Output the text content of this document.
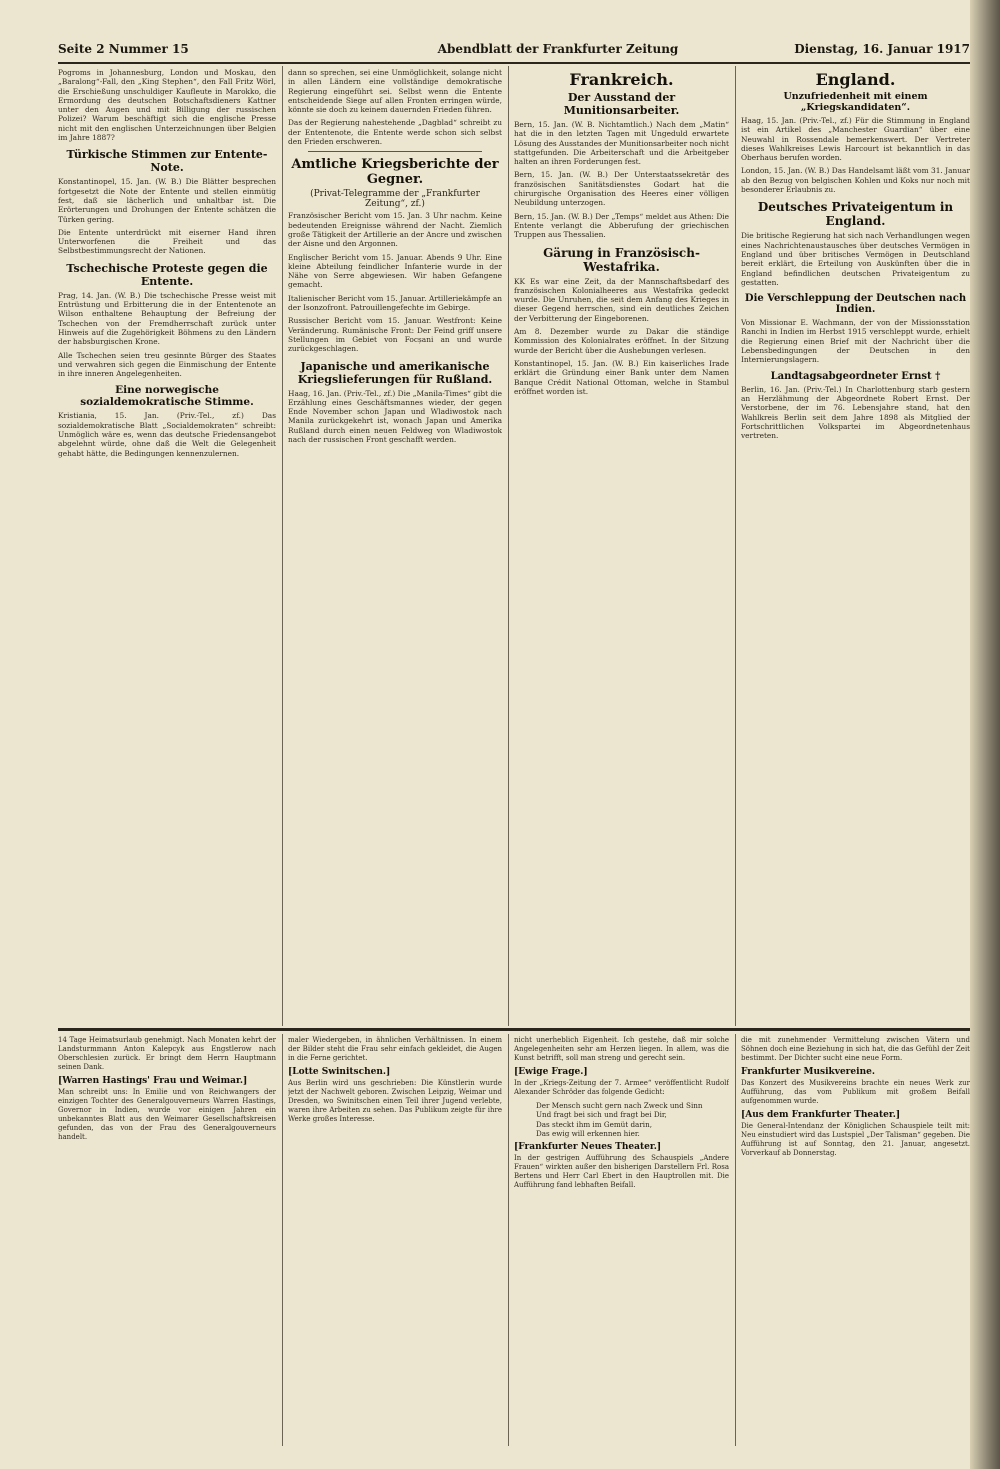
Seite 2 Nummer 15	Abendblatt der Frankfurter Zeitung	Dienstag, 16. Januar 1917

Pogroms in Johannesburg, London und Moskau, den „Baralong“-Fall, den „King Stephen“, den Fall Fritz Wörl, die Erschießung unschuldiger Kaufleute in Marokko, die Ermordung des deutschen Botschaftsdieners Kattner unter den Augen und mit Billigung der russischen Polizei? Warum beschäftigt sich die englische Presse nicht mit den englischen Unterzeichnungen über Belgien im Jahre 1887?

Türkische Stimmen zur Entente-Note.

Konstantinopel, 15. Jan. (W. B.) Die Blätter besprechen fortgesetzt die Note der Entente und stellen einmütig fest, daß sie lächerlich und unhaltbar ist. Die Erörterungen und Drohungen der Entente schätzen die Türken gering.

Die Entente unterdrückt mit eiserner Hand ihren Unterworfenen die Freiheit und das Selbstbestimmungsrecht der Nationen.

Tschechische Proteste gegen die Entente.

Prag, 14. Jan. (W. B.) Die tschechische Presse weist mit Entrüstung und Erbitterung die in der Ententenote an Wilson enthaltene Behauptung der Befreiung der Tschechen von der Fremdherrschaft zurück unter Hinweis auf die Zugehörigkeit Böhmens zu den Ländern der habsburgischen Krone.

Alle Tschechen seien treu gesinnte Bürger des Staates und verwahren sich gegen die Einmischung der Entente in ihre inneren Angelegenheiten.

Eine norwegische sozialdemokratische Stimme.

Kristiania, 15. Jan. (Priv.-Tel., zf.) Das sozialdemokratische Blatt „Socialdemokraten“ schreibt: Unmöglich wäre es, wenn das deutsche Friedensangebot abgelehnt würde, ohne daß die Welt die Gelegenheit gehabt hätte, die Bedingungen kennenzulernen.

dann so sprechen, sei eine Unmöglichkeit, solange nicht in allen Ländern eine vollständige demokratische Regierung eingeführt sei. Selbst wenn die Entente entscheidende Siege auf allen Fronten erringen würde, könnte sie doch zu keinem dauernden Frieden führen.

Das der Regierung nahestehende „Dagblad“ schreibt zu der Ententenote, die Entente werde schon sich selbst den Frieden erschweren.

Amtliche Kriegsberichte der Gegner.
(Privat-Telegramme der „Frankfurter Zeitung“, zf.)

Französischer Bericht vom 15. Jan. 3 Uhr nachm. Keine bedeutenden Ereignisse während der Nacht. Ziemlich große Tätigkeit der Artillerie an der Ancre und zwischen der Aisne und den Argonnen.

Englischer Bericht vom 15. Januar. Abends 9 Uhr. Eine kleine Abteilung feindlicher Infanterie wurde in der Nähe von Serre abgewiesen. Wir haben Gefangene gemacht.

Italienischer Bericht vom 15. Januar. Artilleriekämpfe an der Isonzofront. Patrouillengefechte im Gebirge.

Russischer Bericht vom 15. Januar. Westfront: Keine Veränderung. Rumänische Front: Der Feind griff unsere Stellungen im Gebiet von Focșani an und wurde zurückgeschlagen.

Japanische und amerikanische Kriegslieferungen für Rußland.

Haag, 16. Jan. (Priv.-Tel., zf.) Die „Manila-Times“ gibt die Erzählung eines Geschäftsmannes wieder, der gegen Ende November schon Japan und Wladiwostok nach Manila zurückgekehrt ist, wonach Japan und Amerika Rußland durch einen neuen Feldweg von Wladiwostok nach der russischen Front geschafft werden.

Frankreich.
Der Ausstand der Munitionsarbeiter.

Bern, 15. Jan. (W. B. Nichtamtlich.) Nach dem „Matin“ hat die in den letzten Tagen mit Ungeduld erwartete Lösung des Ausstandes der Munitionsarbeiter noch nicht stattgefunden. Die Arbeiterschaft und die Arbeitgeber halten an ihren Forderungen fest.

Bern, 15. Jan. (W. B.) Der Unterstaatssekretär des französischen Sanitätsdienstes Godart hat die chirurgische Organisation des Heeres einer völligen Neubildung unterzogen.

Bern, 15. Jan. (W. B.) Der „Temps“ meldet aus Athen: Die Entente verlangt die Abberufung der griechischen Truppen aus Thessalien.

Gärung in Französisch-Westafrika.

KK Es war eine Zeit, da der Mannschaftsbedarf des französischen Kolonialheeres aus Westafrika gedeckt wurde. Die Unruhen, die seit dem Anfang des Krieges in dieser Gegend herrschen, sind ein deutliches Zeichen der Verbitterung der Eingeborenen.

Am 8. Dezember wurde zu Dakar die ständige Kommission des Kolonialrates eröffnet. In der Sitzung wurde der Bericht über die Aushebungen verlesen.

Konstantinopel, 15. Jan. (W. B.) Ein kaiserliches Irade erklärt die Gründung einer Bank unter dem Namen Banque Crédit National Ottoman, welche in Stambul eröffnet worden ist.

England.
Unzufriedenheit mit einem „Kriegskandidaten“.

Haag, 15. Jan. (Priv.-Tel., zf.) Für die Stimmung in England ist ein Artikel des „Manchester Guardian“ über eine Neuwahl in Rossendale bemerkenswert. Der Vertreter dieses Wahlkreises Lewis Harcourt ist bekanntlich in das Oberhaus berufen worden.

London, 15. Jan. (W. B.) Das Handelsamt läßt vom 31. Januar ab den Bezug von belgischen Kohlen und Koks nur noch mit besonderer Erlaubnis zu.

Deutsches Privateigentum in England.

Die britische Regierung hat sich nach Verhandlungen wegen eines Nachrichtenaustausches über deutsches Vermögen in England und über britisches Vermögen in Deutschland bereit erklärt, die Erteilung von Auskünften über die in England befindlichen deutschen Privateigentum zu gestatten.

Die Verschleppung der Deutschen nach Indien.

Von Missionar E. Wachmann, der von der Missionsstation Ranchi in Indien im Herbst 1915 verschleppt wurde, erhielt die Regierung einen Brief mit der Nachricht über die Lebensbedingungen der Deutschen in den Internierungslagern.

Landtagsabgeordneter Ernst †

Berlin, 16. Jan. (Priv.-Tel.) In Charlottenburg starb gestern an Herzlähmung der Abgeordnete Robert Ernst. Der Verstorbene, der im 76. Lebensjahre stand, hat den Wahlkreis Berlin seit dem Jahre 1898 als Mitglied der Fortschrittlichen Volkspartei im Abgeordnetenhaus vertreten.

14 Tage Heimatsurlaub genehmigt. Nach Monaten kehrt der Landsturmmann Anton Kalepcyk aus Engstlerow nach Oberschlesien zurück. Er bringt dem Herrn Hauptmann seinen Dank.

[Warren Hastings' Frau und Weimar.]

Man schreibt uns: In Emilie und von Reichwangers der einzigen Tochter des Generalgouverneurs Warren Hastings, Governor in Indien, wurde vor einigen Jahren ein unbekanntes Blatt aus den Weimarer Gesellschaftskreisen gefunden, das von der Frau des Generalgouverneurs handelt.

maler Wiedergeben, in ähnlichen Verhältnissen. In einem der Bilder steht die Frau sehr einfach gekleidet, die Augen in die Ferne gerichtet.

[Lotte Swinitschen.]

Aus Berlin wird uns geschrieben: Die Künstlerin wurde jetzt der Nachwelt geboren. Zwischen Leipzig, Weimar und Dresden, wo Swinitschen einen Teil ihrer Jugend verlebte, waren ihre Arbeiten zu sehen. Das Publikum zeigte für ihre Werke großes Interesse.

nicht unerheblich Eigenheit. Ich gestehe, daß mir solche Angelegenheiten sehr am Herzen liegen. In allem, was die Kunst betrifft, soll man streng und gerecht sein.

[Ewige Frage.]

In der „Kriegs-Zeitung der 7. Armee“ veröffentlicht Rudolf Alexander Schröder das folgende Gedicht:

Der Mensch sucht gern nach Zweck und Sinn
Und fragt bei sich und fragt bei Dir,
Das steckt ihm im Gemüt darin,
Das ewig will erkennen hier.
[Frankfurter Neues Theater.]

In der gestrigen Aufführung des Schauspiels „Andere Frauen“ wirkten außer den bisherigen Darstellern Frl. Rosa Bertens und Herr Carl Ebert in den Hauptrollen mit. Die Aufführung fand lebhaften Beifall.

die mit zunehmender Vermittelung zwischen Vätern und Söhnen doch eine Beziehung in sich hat, die das Gefühl der Zeit bestimmt. Der Dichter sucht eine neue Form.

Frankfurter Musikvereine.

Das Konzert des Musikvereins brachte ein neues Werk zur Aufführung, das vom Publikum mit großem Beifall aufgenommen wurde.

[Aus dem Frankfurter Theater.]

Die General-Intendanz der Königlichen Schauspiele teilt mit: Neu einstudiert wird das Lustspiel „Der Talisman“ gegeben. Die Aufführung ist auf Sonntag, den 21. Januar, angesetzt. Vorverkauf ab Donnerstag.
